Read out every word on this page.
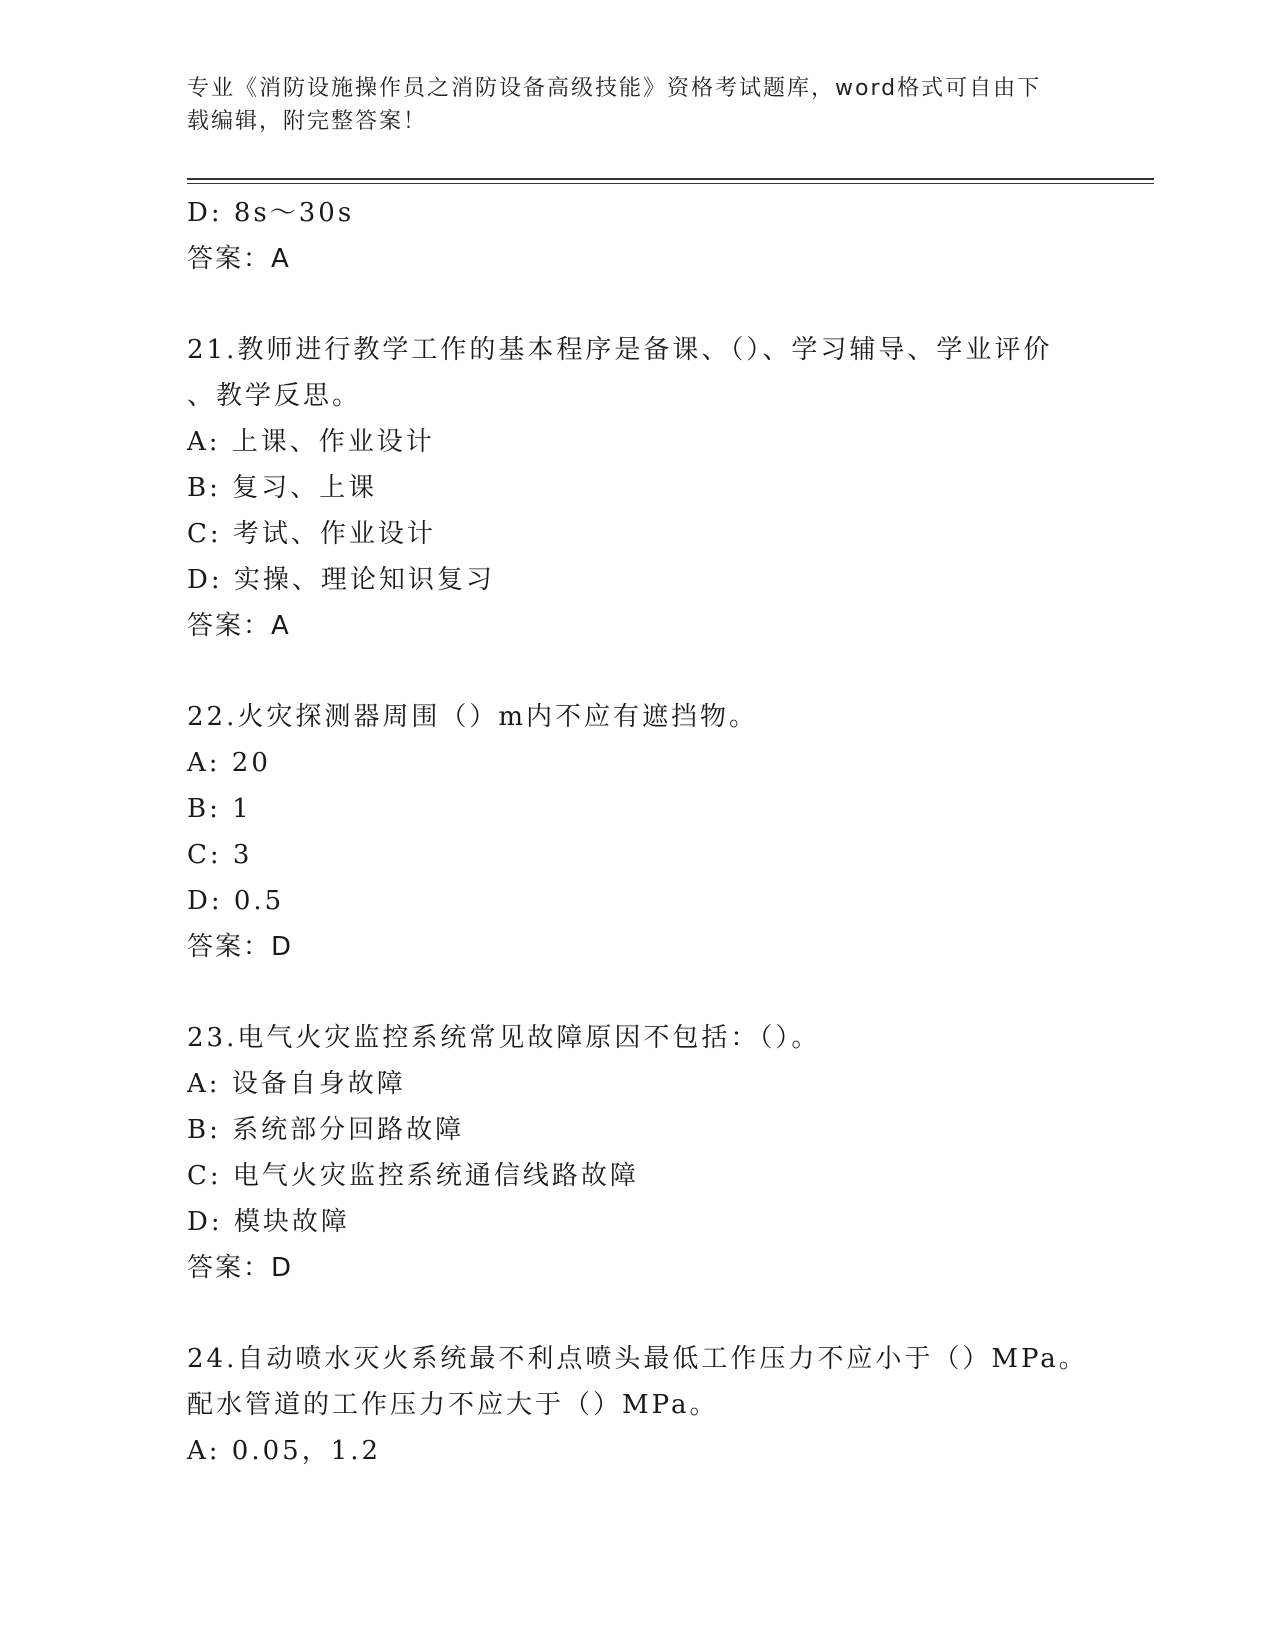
专业《消防设施操作员之消防设备高级技能》资格考试题库，word格式可自由下
载编辑，附完整答案！
D: 8s～30s
答案：A
21.教师进行教学工作的基本程序是备课、（）、学习辅导、学业评价
、教学反思。
A: 上课、作业设计
B: 复习、上课
C: 考试、作业设计
D: 实操、理论知识复习
答案：A
22.火灾探测器周围（）m内不应有遮挡物。
A: 20
B: 1
C: 3
D: 0.5
答案：D
23.电气火灾监控系统常见故障原因不包括：（）。
A: 设备自身故障
B: 系统部分回路故障
C: 电气火灾监控系统通信线路故障
D: 模块故障
答案：D
24.自动喷水灭火系统最不利点喷头最低工作压力不应小于（）MPa。
配水管道的工作压力不应大于（）MPa。
A: 0.05，1.2
